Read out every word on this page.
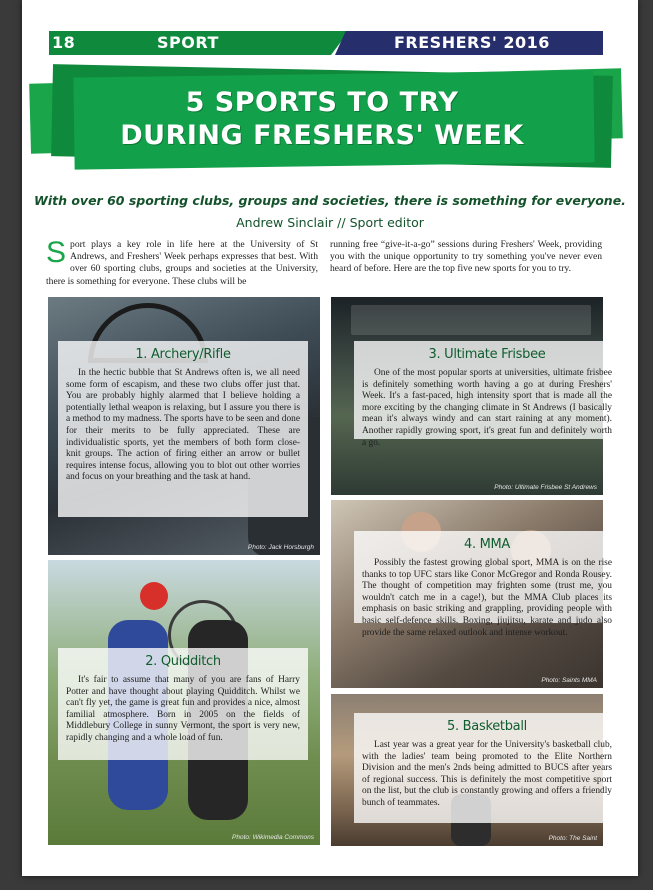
18	SPORT	FRESHERS' 2016
5 SPORTS TO TRY
DURING FRESHERS' WEEK
With over 60 sporting clubs, groups and societies, there is something for everyone.
Andrew Sinclair // Sport editor
Sport plays a key role in life here at the University of St Andrews, and Freshers' Week perhaps expresses that best. With over 60 sporting clubs, groups and societies at the University, there is something for everyone. These clubs will be
running free “give-it-a-go” sessions during Freshers' Week, providing you with the unique opportunity to try something you've never even heard of before. Here are the top five new sports for you to try.
Photo: Jack Horsburgh
Photo: Wikimedia Commons
Photo: Ultimate Frisbee St Andrews
Photo: Saints MMA
Photo: The Saint
1. Archery/Rifle

In the hectic bubble that St Andrews often is, we all need some form of escapism, and these two clubs offer just that. You are probably highly alarmed that I believe holding a potentially lethal weapon is relaxing, but I assure you there is a method to my madness. The sports have to be seen and done for their merits to be fully appreciated. These are individualistic sports, yet the members of both form close-knit groups. The action of firing either an arrow or bullet requires intense focus, allowing you to blot out other worries and focus on your breathing and the task at hand.

2. Quidditch

It's fair to assume that many of you are fans of Harry Potter and have thought about playing Quidditch. Whilst we can't fly yet, the game is great fun and provides a nice, almost familial atmosphere. Born in 2005 on the fields of Middlebury College in sunny Vermont, the sport is very new, rapidly changing and a whole load of fun.

3. Ultimate Frisbee

One of the most popular sports at universities, ultimate frisbee is definitely something worth having a go at during Freshers' Week. It's a fast-paced, high intensity sport that is made all the more exciting by the changing climate in St Andrews (I basically mean it's always windy and can start raining at any moment). Another rapidly growing sport, it's great fun and definitely worth a go.

4. MMA

Possibly the fastest growing global sport, MMA is on the rise thanks to top UFC stars like Conor McGregor and Ronda Rousey. The thought of competition may frighten some (trust me, you wouldn't catch me in a cage!), but the MMA Club places its emphasis on basic striking and grappling, providing people with basic self-defence skills. Boxing, jiujitsu, karate and judo also provide the same relaxed outlook and intense workout.

5. Basketball

Last year was a great year for the University's basketball club, with the ladies' team being promoted to the Elite Northern Division and the men's 2nds being admitted to BUCS after years of regional success. This is definitely the most competitive sport on the list, but the club is constantly growing and offers a friendly bunch of teammates.
